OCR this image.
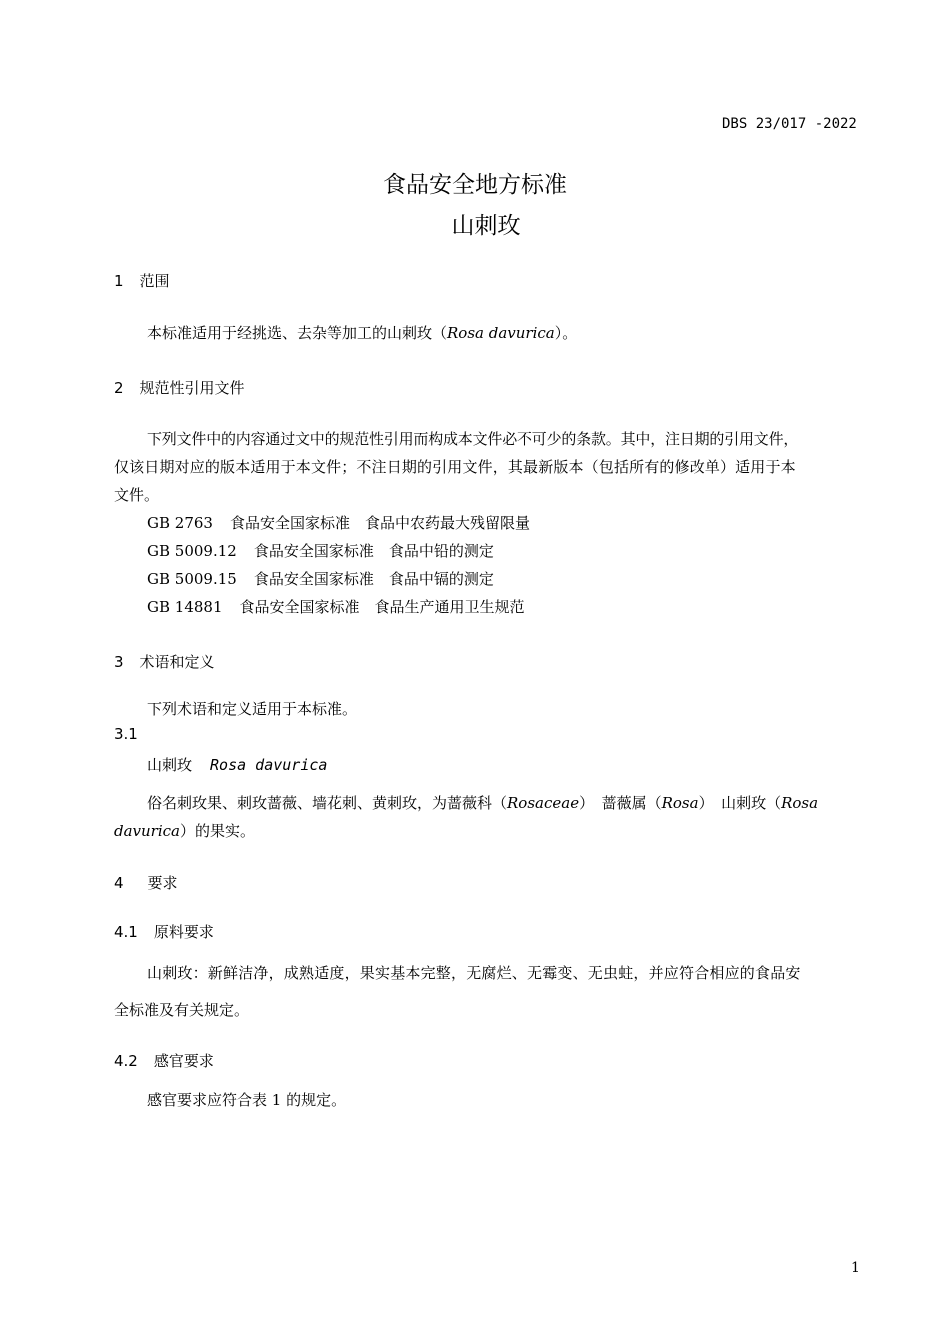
DBS 23/017 -2022
食品安全地方标准
山刺玫
1 范围
本标准适用于经挑选、去杂等加工的山刺玫（Rosa davurica）。
2 规范性引用文件
下列文件中的内容通过文中的规范性引用而构成本文件必不可少的条款。其中，注日期的引用文件，
仅该日期对应的版本适用于本文件；不注日期的引用文件，其最新版本（包括所有的修改单）适用于本
文件。
GB 2763 食品安全国家标准　食品中农药最大残留限量
GB 5009.12 食品安全国家标准　食品中铅的测定
GB 5009.15 食品安全国家标准　食品中镉的测定
GB 14881 食品安全国家标准　食品生产通用卫生规范
3 术语和定义
下列术语和定义适用于本标准。
3.1
山刺玫 Rosa davurica
俗名刺玫果、刺玫蔷薇、墙花刺、黄刺玫，为蔷薇科（Rosaceae）　蔷薇属（Rosa）　山刺玫（Rosa
davurica）的果实。
4 要求
4.1 原料要求
山刺玫：新鲜洁净，成熟适度，果实基本完整，无腐烂、无霉变、无虫蛀，并应符合相应的食品安
全标准及有关规定。
4.2 感官要求
感官要求应符合表 1 的规定。
1
